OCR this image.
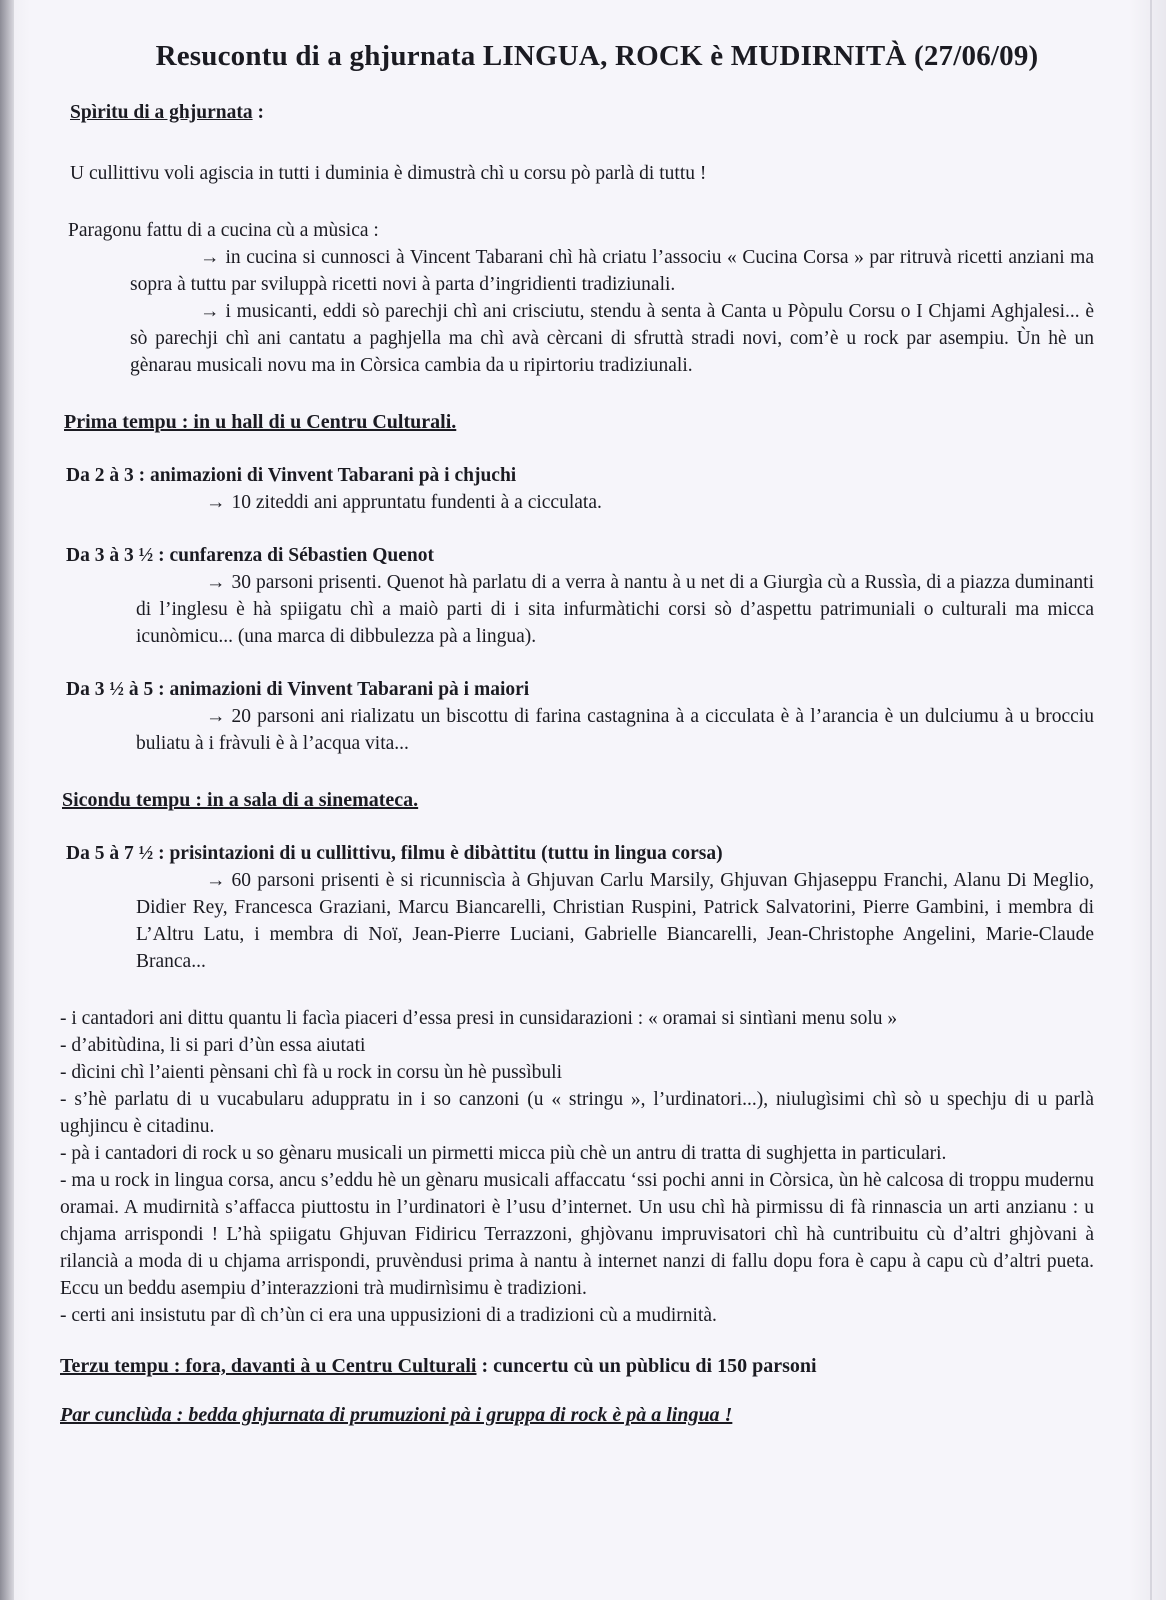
Resucontu di a ghjurnata LINGUA, ROCK è MUDIRNITÀ (27/06/09)

Spìritu di a ghjurnata :

U cullittivu voli agiscia in tutti i duminia è dimustrà chì u corsu pò parlà di tuttu !

Paragonu fattu di a cucina cù a mùsica :

→ in cucina si cunnosci à Vincent Tabarani chì hà criatu l’associu « Cucina Corsa » par ritruvà ricetti anziani ma sopra à tuttu par sviluppà ricetti novi à parta d’ingridienti tradiziunali.

→ i musicanti, eddi sò parechji chì ani crisciutu, stendu à senta à Canta u Pòpulu Corsu o I Chjami Aghjalesi... è sò parechji chì ani cantatu a paghjella ma chì avà cèrcani di sfruttà stradi novi, com’è u rock par asempiu. Ùn hè un gènarau musicali novu ma in Còrsica cambia da u ripirtoriu tradiziunali.

Prima tempu : in u hall di u Centru Culturali.

Da 2 à 3 : animazioni di Vinvent Tabarani pà i chjuchi

→ 10 ziteddi ani appruntatu fundenti à a cicculata.

Da 3 à 3 ½ : cunfarenza di Sébastien Quenot

→ 30 parsoni prisenti. Quenot hà parlatu di a verra à nantu à u net di a Giurgìa cù a Russìa, di a piazza duminanti di l’inglesu è hà spiigatu chì a maiò parti di i sita infurmàtichi corsi sò d’aspettu patrimuniali o culturali ma micca icunòmicu... (una marca di dibbulezza pà a lingua).

Da 3 ½ à 5 : animazioni di Vinvent Tabarani pà i maiori

→ 20 parsoni ani rializatu un biscottu di farina castagnina à a cicculata è à l’arancia è un dulciumu à u brocciu buliatu à i fràvuli è à l’acqua vita...

Sicondu tempu : in a sala di a sinemateca.

Da 5 à 7 ½ : prisintazioni di u cullittivu, filmu è dibàttitu (tuttu in lingua corsa)

→ 60 parsoni prisenti è si ricunniscìa à Ghjuvan Carlu Marsily, Ghjuvan Ghjaseppu Franchi, Alanu Di Meglio, Didier Rey, Francesca Graziani, Marcu Biancarelli, Christian Ruspini, Patrick Salvatorini, Pierre Gambini, i membra di L’Altru Latu, i membra di Noï, Jean-Pierre Luciani, Gabrielle Biancarelli, Jean-Christophe Angelini, Marie-Claude Branca...

- i cantadori ani dittu quantu li facìa piaceri d’essa presi in cunsidarazioni : « oramai si sintìani menu solu »

- d’abitùdina, li si pari d’ùn essa aiutati

- dìcini chì l’aienti pènsani chì fà u rock in corsu ùn hè pussìbuli

- s’hè parlatu di u vucabularu aduppratu in i so canzoni (u « stringu », l’urdinatori...), niulugìsimi chì sò u spechju di u parlà ughjincu è citadinu.

- pà i cantadori di rock u so gènaru musicali un pirmetti micca più chè un antru di tratta di sughjetta in particulari.

- ma u rock in lingua corsa, ancu s’eddu hè un gènaru musicali affaccatu ‘ssi pochi anni in Còrsica, ùn hè calcosa di troppu mudernu oramai. A mudirnità s’affacca piuttostu in l’urdinatori è l’usu d’internet. Un usu chì hà pirmissu di fà rinnascia un arti anzianu : u chjama arrispondi ! L’hà spiigatu Ghjuvan Fidiricu Terrazzoni, ghjòvanu impruvisatori chì hà cuntribuitu cù d’altri ghjòvani à rilancià a moda di u chjama arrispondi, pruvèndusi prima à nantu à internet nanzi di fallu dopu fora è capu à capu cù d’altri pueta. Eccu un beddu asempiu d’interazzioni trà mudirnìsimu è tradizioni.

- certi ani insistutu par dì ch’ùn ci era una uppusizioni di a tradizioni cù a mudirnità.

Terzu tempu : fora, davanti à u Centru Culturali : cuncertu cù un pùblicu di 150 parsoni

Par cunclùda : bedda ghjurnata di prumuzioni pà i gruppa di rock è pà a lingua !
